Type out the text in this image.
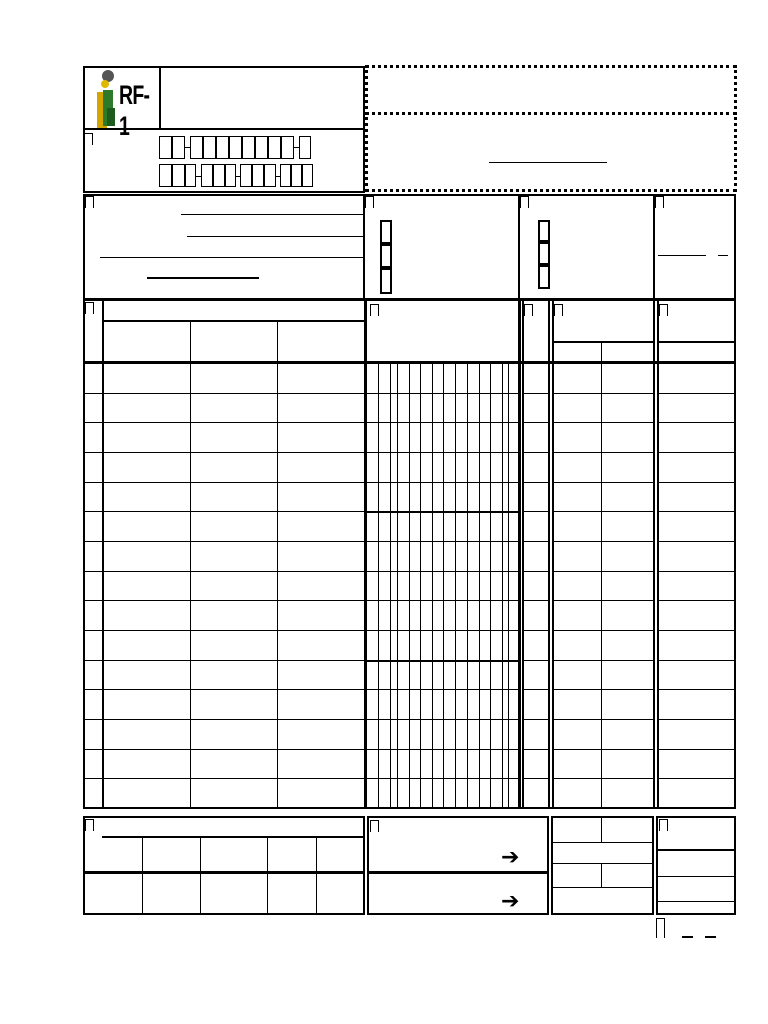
RF-1
➔
➔
